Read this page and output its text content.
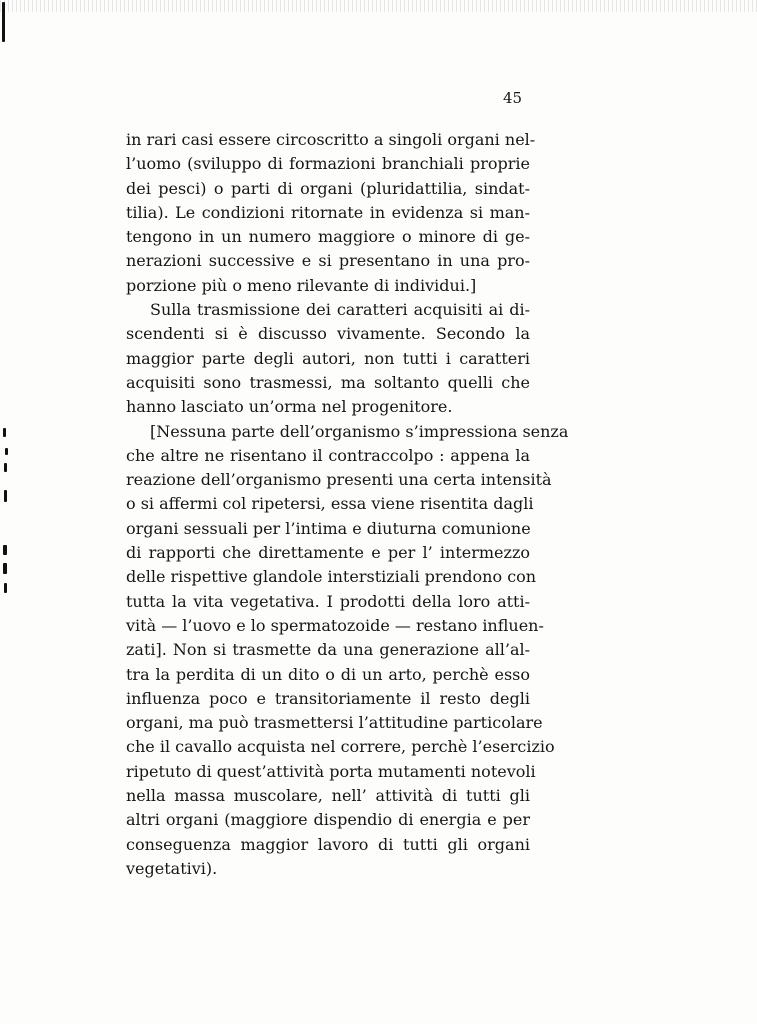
45
in rari casi essere circoscritto a singoli organi nel-
l’uomo (sviluppo di formazioni branchiali proprie
dei pesci) o parti di organi (pluridattilia, sindat-
tilia). Le condizioni ritornate in evidenza si man-
tengono in un numero maggiore o minore di ge-
nerazioni successive e si presentano in una pro-
porzione più o meno rilevante di individui.]
Sulla trasmissione dei caratteri acquisiti ai di-
scendenti si è discusso vivamente. Secondo la
maggior parte degli autori, non tutti i caratteri
acquisiti sono trasmessi, ma soltanto quelli che
hanno lasciato un’orma nel progenitore.
[Nessuna parte dell’organismo s’impressiona senza
che altre ne risentano il contraccolpo : appena la
reazione dell’organismo presenti una certa intensità
o si affermi col ripetersi, essa viene risentita dagli
organi sessuali per l’intima e diuturna comunione
di rapporti che direttamente e per l’ intermezzo
delle rispettive glandole interstiziali prendono con
tutta la vita vegetativa. I prodotti della loro atti-
vità — l’uovo e lo spermatozoide — restano influen-
zati]. Non si trasmette da una generazione all’al-
tra la perdita di un dito o di un arto, perchè esso
influenza poco e transitoriamente il resto degli
organi, ma può trasmettersi l’attitudine particolare
che il cavallo acquista nel correre, perchè l’esercizio
ripetuto di quest’attività porta mutamenti notevoli
nella massa muscolare, nell’ attività di tutti gli
altri organi (maggiore dispendio di energia e per
conseguenza maggior lavoro di tutti gli organi
vegetativi).
